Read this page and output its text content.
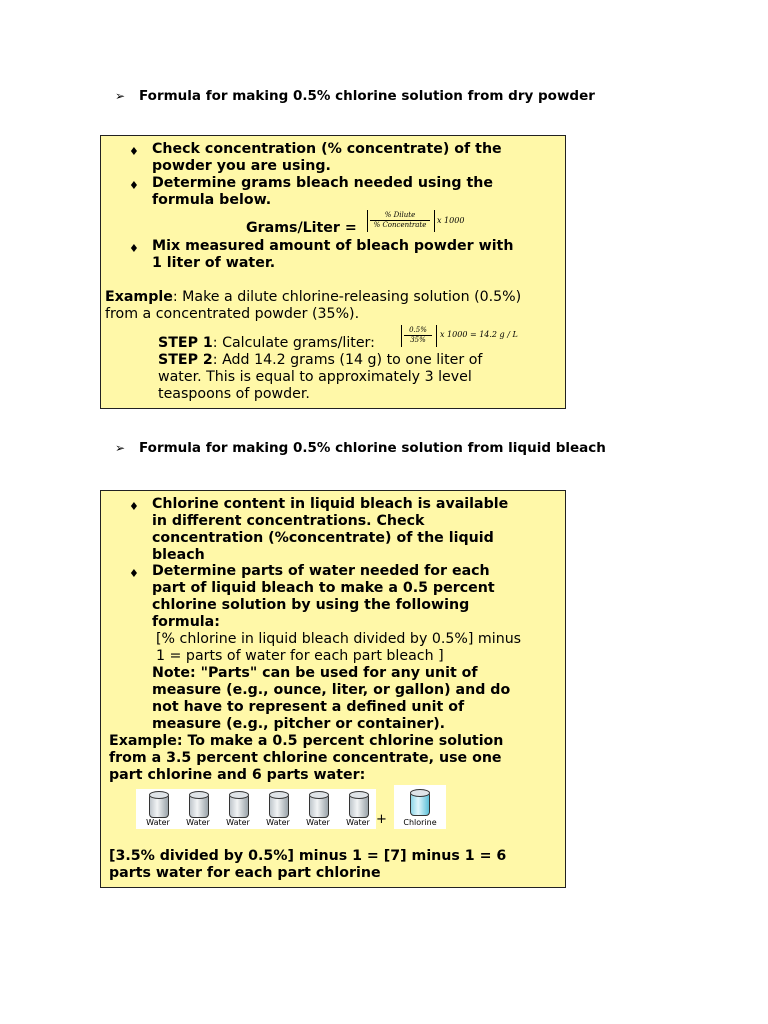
➢ Formula for making 0.5% chlorine solution from dry powder
♦ Check concentration (% concentrate) of the
powder you are using.
♦ Determine grams bleach needed using the
formula below.
Grams/Liter =
% Dilute
% Concentrate	x 1000
♦ Mix measured amount of bleach powder with
1 liter of water.
Example: Make a dilute chlorine-releasing solution (0.5%)
from a concentrated powder (35%).
STEP 1: Calculate grams/liter:	$\frac{0.5\%}{35\%}$ x 1000 = 14.2 g / L
STEP 2: Add 14.2 grams (14 g) to one liter of
water. This is equal to approximately 3 level
teaspoons of powder.
➢ Formula for making 0.5% chlorine solution from liquid bleach
♦ Chlorine content in liquid bleach is available
in different concentrations. Check
concentration (%concentrate) of the liquid
bleach
♦ Determine parts of water needed for each
part of liquid bleach to make a 0.5 percent
chlorine solution by using the following
formula:
[% chlorine in liquid bleach divided by 0.5%] minus
1 = parts of water for each part bleach ]
Note: "Parts" can be used for any unit of
measure (e.g., ounce, liter, or gallon) and do
not have to represent a defined unit of
measure (e.g., pitcher or container).
Example: To make a 0.5 percent chlorine solution
from a 3.5 percent chlorine concentrate, use one
part chlorine and 6 parts water:
Water	Water	Water	Water	Water	Water +	Chlorine
[3.5% divided by 0.5%] minus 1 = [7] minus 1 = 6
parts water for each part chlorine
